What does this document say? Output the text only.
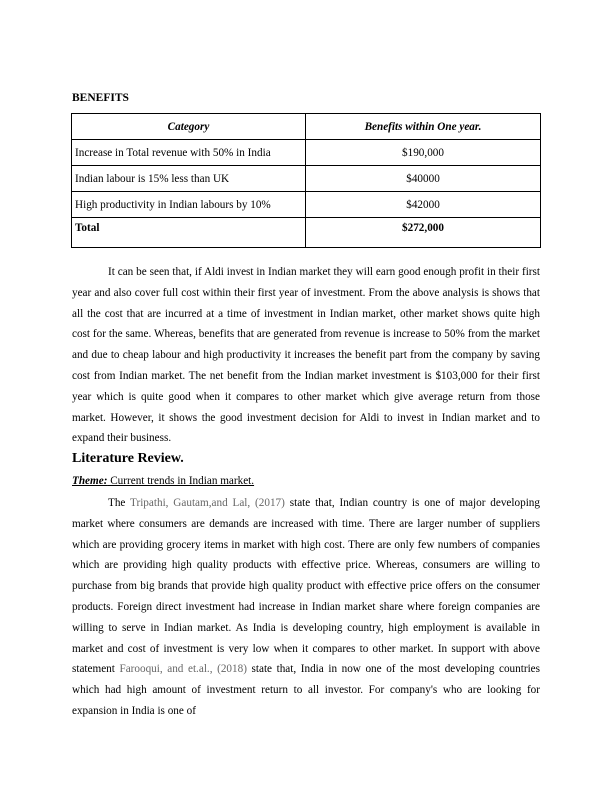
BENEFITS
Category	Benefits within One year.
Increase in Total revenue with 50% in India	$190,000
Indian labour is 15% less than UK	$40000
High productivity in Indian labours by 10%	$42000
Total	$272,000

It can be seen that, if Aldi invest in Indian market they will earn good enough profit in their first year and also cover full cost within their first year of investment. From the above analysis is shows that all the cost that are incurred at a time of investment in Indian market, other market shows quite high cost for the same. Whereas, benefits that are generated from revenue is increase to 50% from the market and due to cheap labour and high productivity it increases the benefit part from the company by saving cost from Indian market. The net benefit from the Indian market investment is $103,000 for their first year which is quite good when it compares to other market which give average return from those market. However, it shows the good investment decision for Aldi to invest in Indian market and to expand their business.

Literature Review.
Theme: Current trends in Indian market.

The Tripathi, Gautam,and Lal, (2017) state that, Indian country is one of major developing market where consumers are demands are increased with time. There are larger number of suppliers which are providing grocery items in market with high cost. There are only few numbers of companies which are providing high quality products with effective price. Whereas, consumers are willing to purchase from big brands that provide high quality product with effective price offers on the consumer products. Foreign direct investment had increase in Indian market share where foreign companies are willing to serve in Indian market. As India is developing country, high employment is available in market and cost of investment is very low when it compares to other market. In support with above statement Farooqui, and et.al., (2018) state that, India in now one of the most developing countries which had high amount of investment return to all investor. For company's who are looking for expansion in India is one of
